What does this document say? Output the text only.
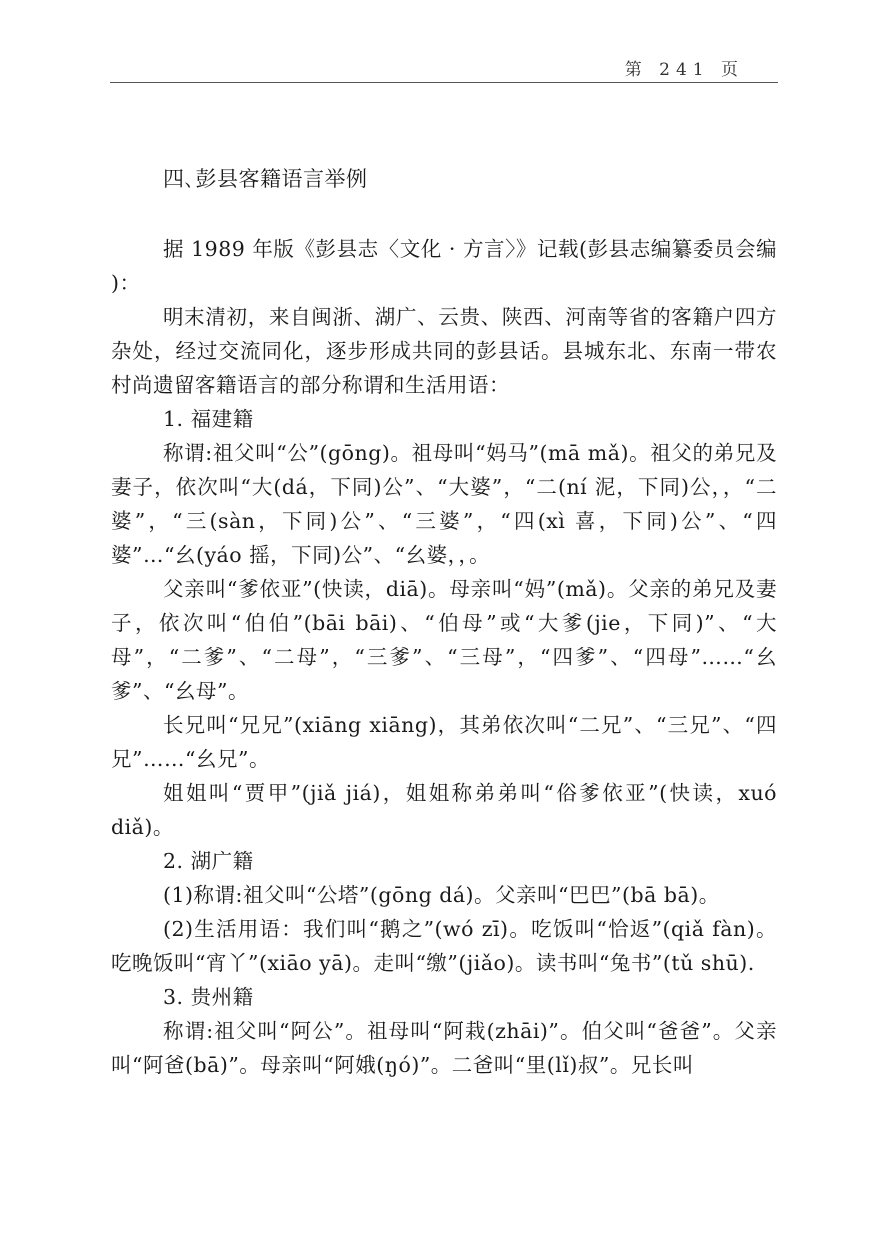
第 241 页

四､彭县客籍语言举例

据 1989 年版《彭县志〈文化 · 方言〉》记载(彭县志编纂委员会编 )：

明末清初，来自闽浙、湖广、云贵、陕西、河南等省的客籍户四方杂处，经过交流同化，逐步形成共同的彭县话。县城东北、东南一带农村尚遗留客籍语言的部分称谓和生活用语：

1. 福建籍

称谓:祖父叫“公”(gōng)。祖母叫“妈马”(mā mǎ)。祖父的弟兄及妻子，依次叫“大(dá，下同)公”、“大婆”，“二(ní 泥，下同)公，，“二婆”，“三(sàn，下同)公”、“三婆”，“四(xì 喜，下同)公”、“四婆”…“幺(yáo 摇，下同)公”、“幺婆，，。

父亲叫“爹依亚”(快读，diā)。母亲叫“妈”(mǎ)。父亲的弟兄及妻子，依次叫“伯伯”(bāi bāi)、“伯母”或“大爹(jie，下同)”、“大母”，“二爹”、“二母”，“三爹”、“三母”，“四爹”、“四母”……“幺爹”、“幺母”。

长兄叫“兄兄”(xiāng xiāng)，其弟依次叫“二兄”、“三兄”、“四兄”……“幺兄”。

姐姐叫“贾甲”(jiǎ jiá)，姐姐称弟弟叫“俗爹依亚”(快读，xuó diǎ)。

2. 湖广籍

(1)称谓:祖父叫“公塔”(gōng dá)。父亲叫“巴巴”(bā bā)。

(2)生活用语：我们叫“鹅之”(wó zī)。吃饭叫“恰返”(qiǎ fàn)。吃晚饭叫“宵丫”(xiāo yā)。走叫“缴”(jiǎo)。读书叫“兔书”(tǔ shū).

3. 贵州籍

称谓:祖父叫“阿公”。祖母叫“阿栽(zhāi)”。伯父叫“爸爸”。父亲叫“阿爸(bā)”。母亲叫“阿娥(ŋó)”。二爸叫“里(lǐ)叔”。兄长叫
